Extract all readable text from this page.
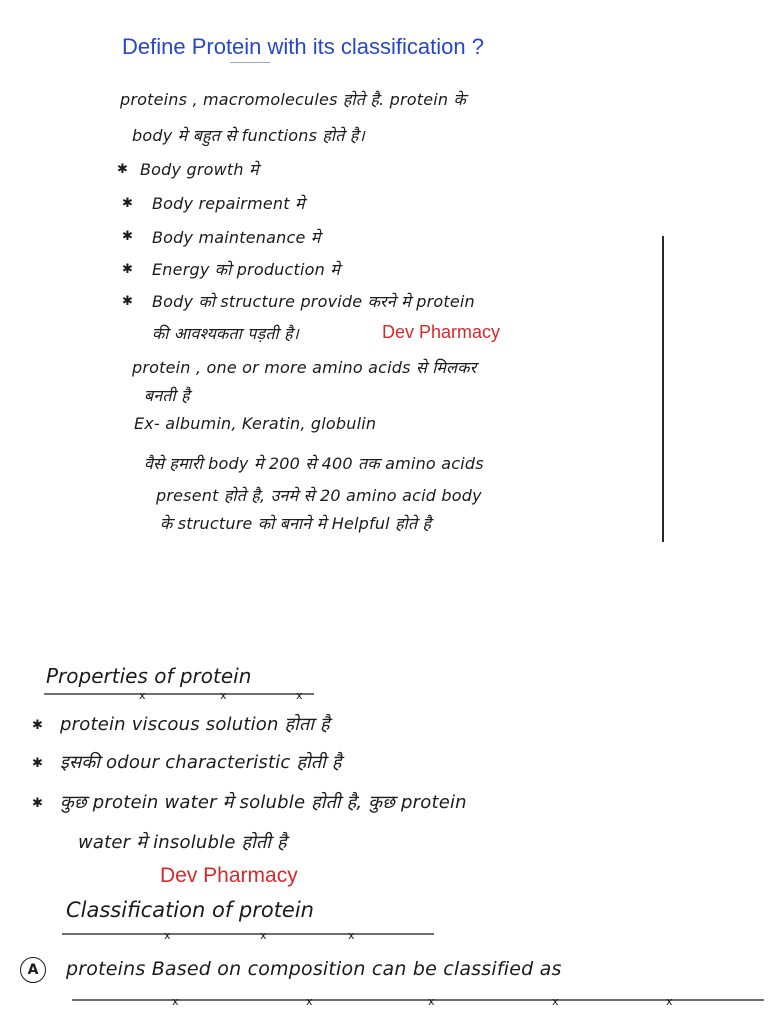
Define Protein with its classification ?
proteins , macromolecules होते है. protein के
body मे बहुत से functions होते है।
✱ Body growth मे
✱ Body repairment मे
✱ Body maintenance मे
✱ Energy को production मे
✱ Body को structure provide करने मे protein
की आवश्यकता पड़ती है।	Dev Pharmacy
protein , one or more amino acids से मिलकर
बनती है
Ex- albumin, Keratin, globulin
वैसे हमारी body मे 200 से 400 तक amino acids
present होते है, उनमे से 20 amino acid body
के structure को बनाने मे Helpful होते है
Properties of protein
x	x	x
✱ protein viscous solution होता है
✱ इसकी odour characteristic होती है
✱ कुछ protein water मे soluble होती है, कुछ protein
water मे insoluble होती है
Dev Pharmacy
Classification of protein
x	x	x
A	proteins Based on composition can be classified as
x	x	x	x	x
